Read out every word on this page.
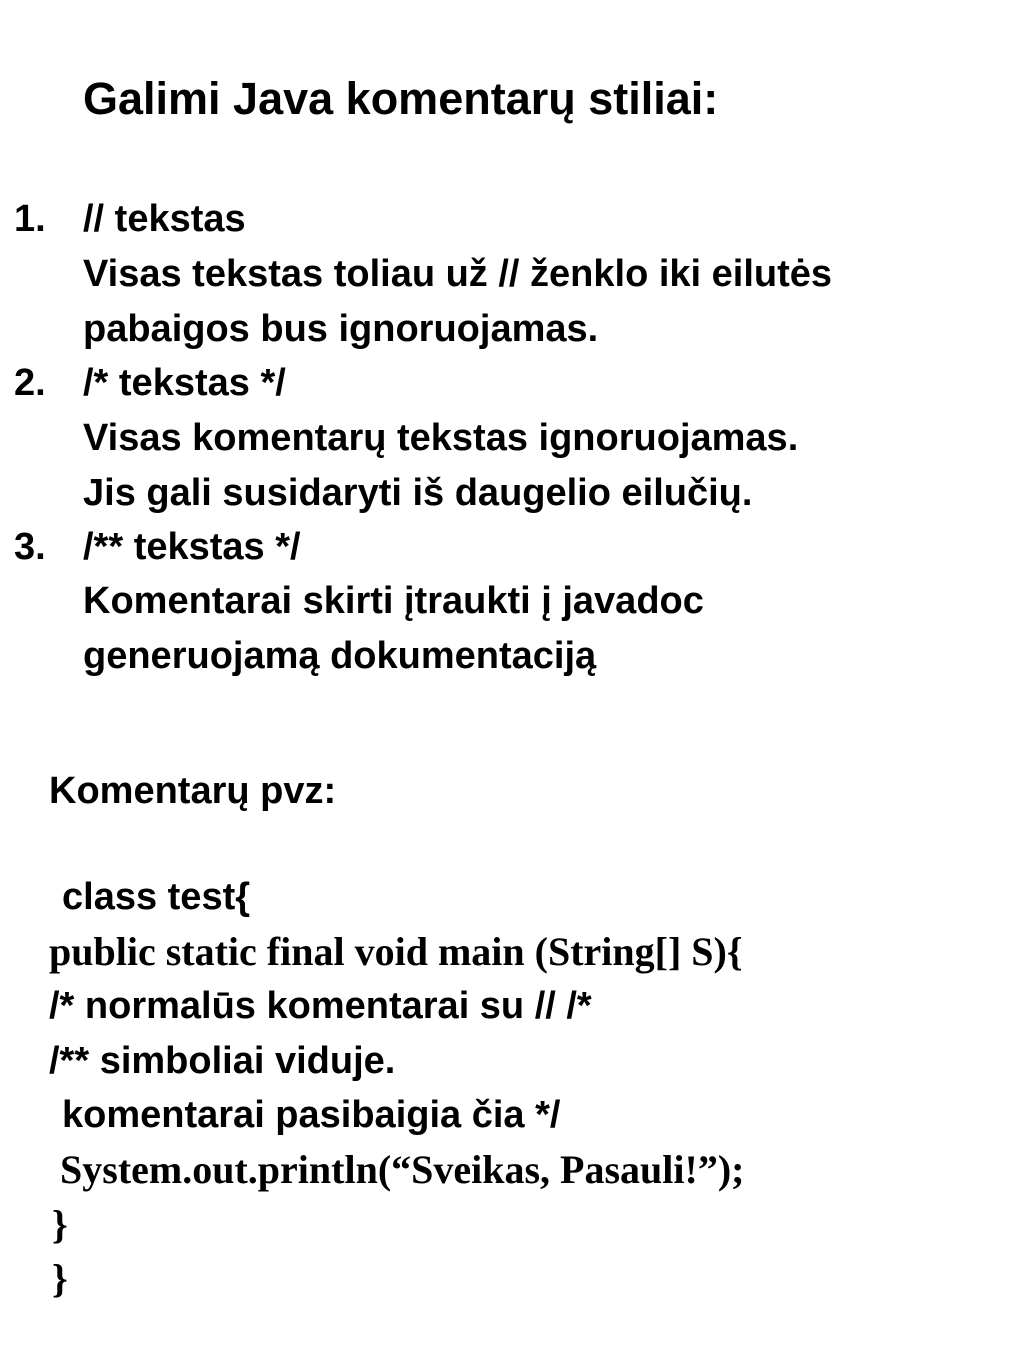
Galimi Java komentarų stiliai:
1. // tekstas
Visas tekstas toliau už // ženklo iki eilutės
pabaigos bus ignoruojamas.
2. /* tekstas */
Visas komentarų tekstas ignoruojamas.
Jis gali susidaryti iš daugelio eilučių.
3. /** tekstas */
Komentarai skirti įtraukti į javadoc
generuojamą dokumentaciją
Komentarų pvz:
class test{
public static final void main (String[] S){
/* normalūs komentarai su // /*
/** simboliai viduje.
komentarai pasibaigia čia */
System.out.println(“Sveikas, Pasauli!”);
}
}
